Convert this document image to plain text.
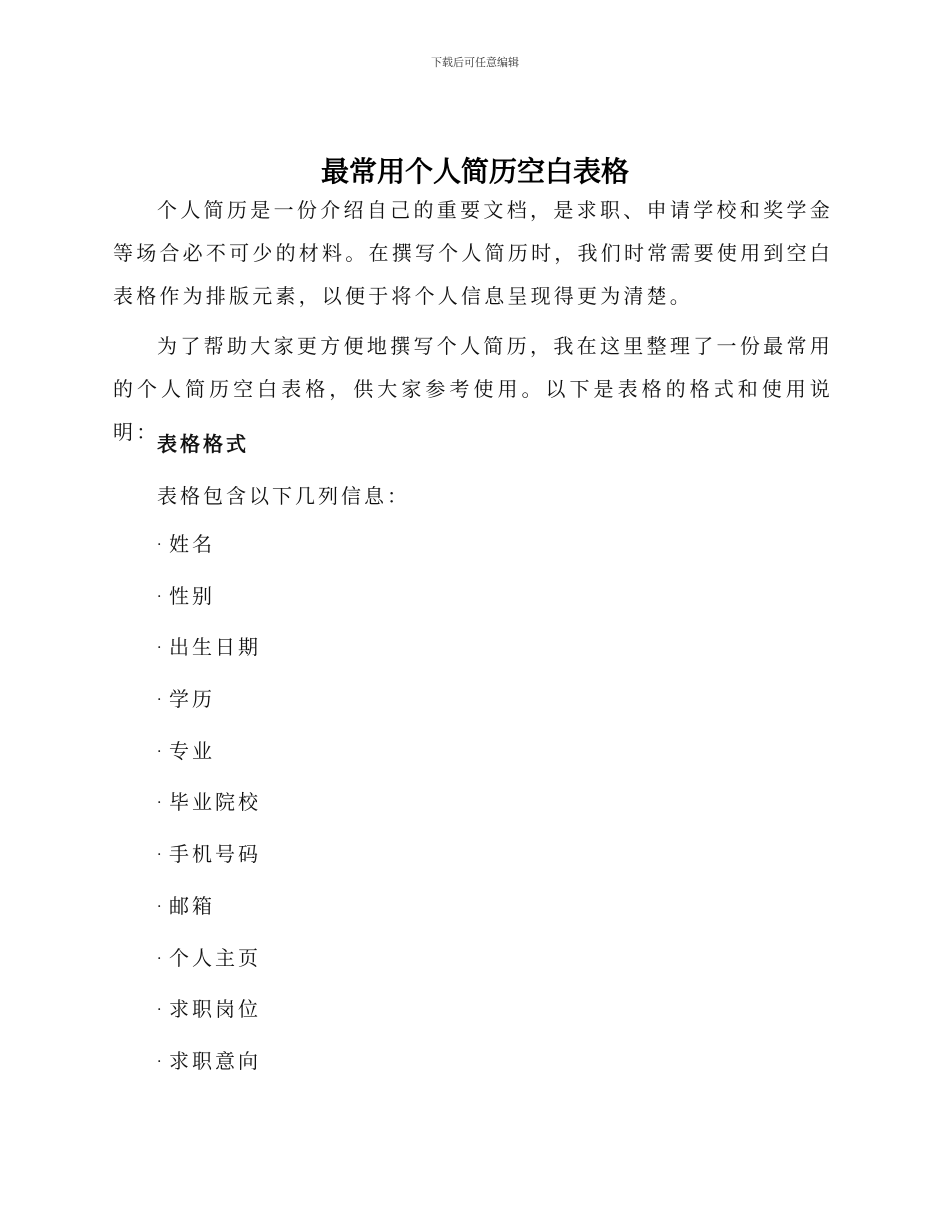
下载后可任意编辑
最常用个人简历空白表格

个人简历是一份介绍自己的重要文档，是求职、申请学校和奖学金等场合必不可少的材料。在撰写个人简历时，我们时常需要使用到空白表格作为排版元素，以便于将个人信息呈现得更为清楚。

为了帮助大家更方便地撰写个人简历，我在这里整理了一份最常用的个人简历空白表格，供大家参考使用。以下是表格的格式和使用说明：

表格格式

表格包含以下几列信息：

· 姓名
· 性别
· 出生日期
· 学历
· 专业
· 毕业院校
· 手机号码
· 邮箱
· 个人主页
· 求职岗位
· 求职意向
